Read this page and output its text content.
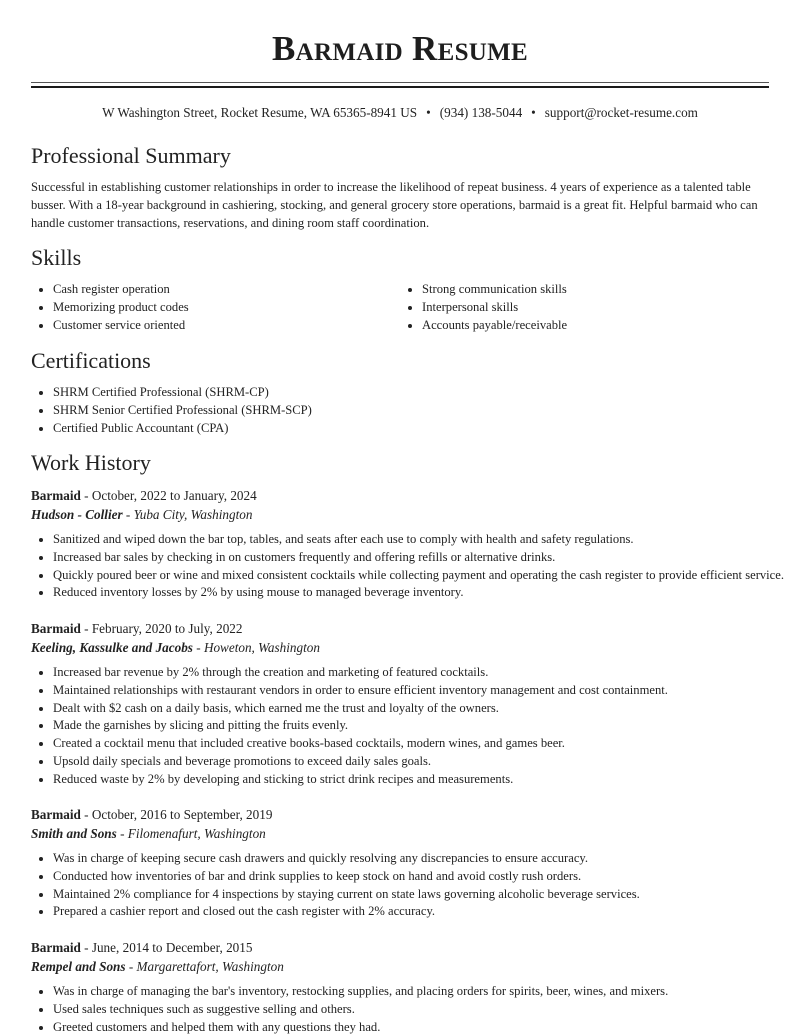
Barmaid Resume
W Washington Street, Rocket Resume, WA 65365-8941 US • (934) 138-5044 • support@rocket-resume.com
Professional Summary

Successful in establishing customer relationships in order to increase the likelihood of repeat business. 4 years of experience as a talented table busser. With a 18-year background in cashiering, stocking, and general grocery store operations, barmaid is a great fit. Helpful barmaid who can handle customer transactions, reservations, and dining room staff coordination.

Skills
• Cash register operation
• Memorizing product codes
• Customer service oriented
• Strong communication skills
• Interpersonal skills
• Accounts payable/receivable
Certifications
• SHRM Certified Professional (SHRM-CP)
• SHRM Senior Certified Professional (SHRM-SCP)
• Certified Public Accountant (CPA)
Work History

Barmaid - October, 2022 to January, 2024

Hudson - Collier - Yuba City, Washington

• Sanitized and wiped down the bar top, tables, and seats after each use to comply with health and safety regulations.
• Increased bar sales by checking in on customers frequently and offering refills or alternative drinks.
• Quickly poured beer or wine and mixed consistent cocktails while collecting payment and operating the cash register to provide efficient service.
• Reduced inventory losses by 2% by using mouse to managed beverage inventory.

Barmaid - February, 2020 to July, 2022

Keeling, Kassulke and Jacobs - Howeton, Washington

• Increased bar revenue by 2% through the creation and marketing of featured cocktails.
• Maintained relationships with restaurant vendors in order to ensure efficient inventory management and cost containment.
• Dealt with $2 cash on a daily basis, which earned me the trust and loyalty of the owners.
• Made the garnishes by slicing and pitting the fruits evenly.
• Created a cocktail menu that included creative books-based cocktails, modern wines, and games beer.
• Upsold daily specials and beverage promotions to exceed daily sales goals.
• Reduced waste by 2% by developing and sticking to strict drink recipes and measurements.

Barmaid - October, 2016 to September, 2019

Smith and Sons - Filomenafurt, Washington

• Was in charge of keeping secure cash drawers and quickly resolving any discrepancies to ensure accuracy.
• Conducted how inventories of bar and drink supplies to keep stock on hand and avoid costly rush orders.
• Maintained 2% compliance for 4 inspections by staying current on state laws governing alcoholic beverage services.
• Prepared a cashier report and closed out the cash register with 2% accuracy.

Barmaid - June, 2014 to December, 2015

Rempel and Sons - Margarettafort, Washington

• Was in charge of managing the bar's inventory, restocking supplies, and placing orders for spirits, beer, wines, and mixers.
• Used sales techniques such as suggestive selling and others.
• Greeted customers and helped them with any questions they had.
